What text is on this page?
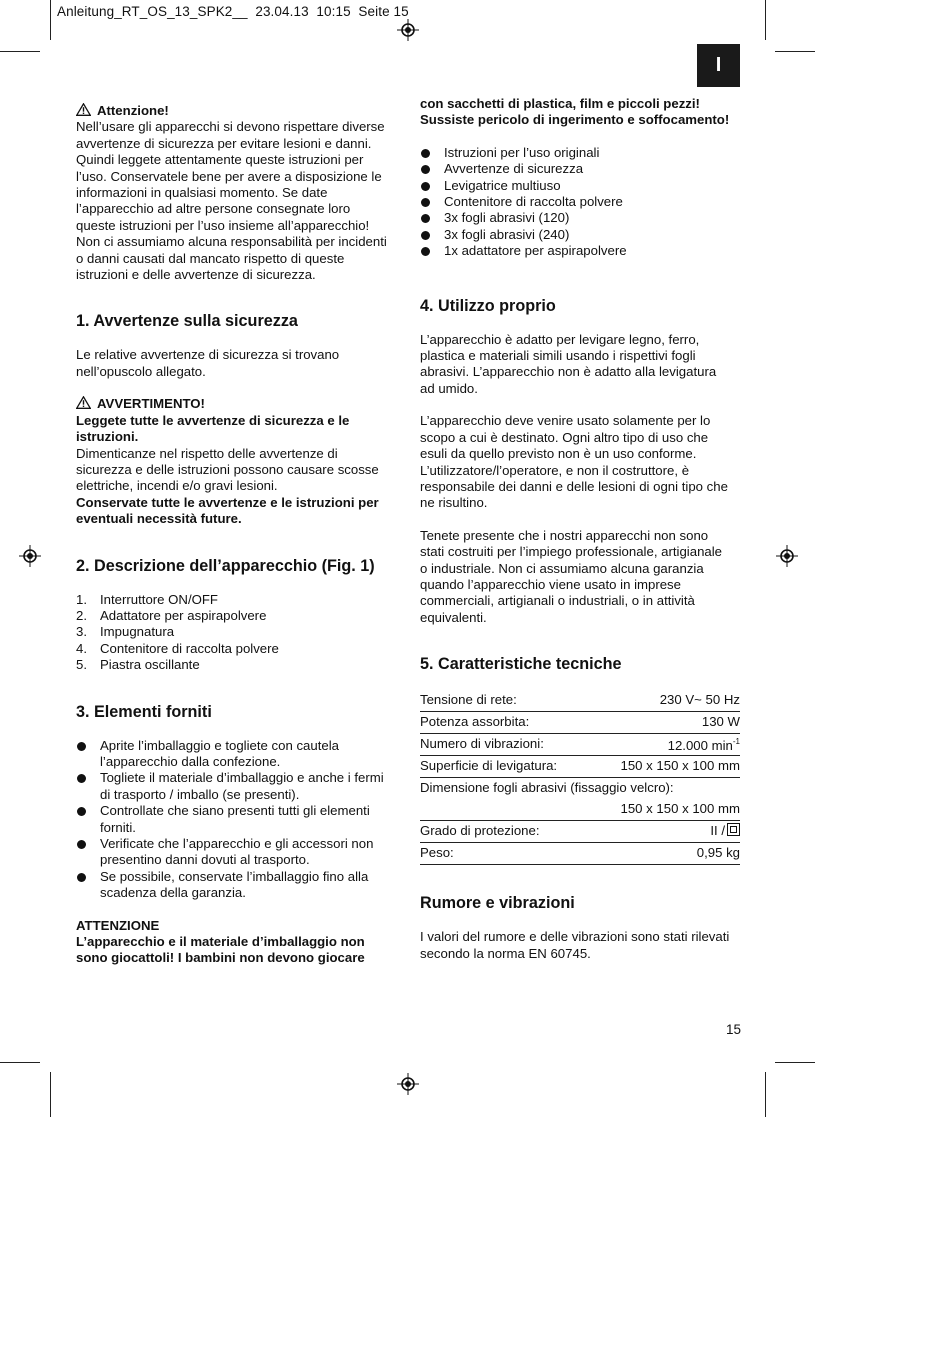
Anleitung_RT_OS_13_SPK2__ 23.04.13 10:15 Seite 15
I

Attenzione!

Nell’usare gli apparecchi si devono rispettare diverse

avvertenze di sicurezza per evitare lesioni e danni.

Quindi leggete attentamente queste istruzioni per

l’uso. Conservatele bene per avere a disposizione le

informazioni in qualsiasi momento. Se date

l’apparecchio ad altre persone consegnate loro

queste istruzioni per l’uso insieme all’apparecchio!

Non ci assumiamo alcuna responsabilità per incidenti

o danni causati dal mancato rispetto di queste

istruzioni e delle avvertenze di sicurezza.

1. Avvertenze sulla sicurezza

Le relative avvertenze di sicurezza si trovano

nell’opuscolo allegato.

AVVERTIMENTO!

Leggete tutte le avvertenze di sicurezza e le

istruzioni.

Dimenticanze nel rispetto delle avvertenze di

sicurezza e delle istruzioni possono causare scosse

elettriche, incendi e/o gravi lesioni.

Conservate tutte le avvertenze e le istruzioni per

eventuali necessità future.

2. Descrizione dell’apparecchio (Fig. 1)

1. Interruttore ON/OFF
2. Adattatore per aspirapolvere
3. Impugnatura
4. Contenitore di raccolta polvere
5. Piastra oscillante

3. Elementi forniti

Aprite l’imballaggio e togliete con cautela
l’apparecchio dalla confezione.
Togliete il materiale d’imballaggio e anche i fermi
di trasporto / imballo (se presenti).
Controllate che siano presenti tutti gli elementi
forniti.
Verificate che l’apparecchio e gli accessori non
presentino danni dovuti al trasporto.
Se possibile, conservate l’imballaggio fino alla
scadenza della garanzia.

ATTENZIONE

L’apparecchio e il materiale d’imballaggio non

sono giocattoli! I bambini non devono giocare

con sacchetti di plastica, film e piccoli pezzi!

Sussiste pericolo di ingerimento e soffocamento!

Istruzioni per l’uso originali
Avvertenze di sicurezza
Levigatrice multiuso
Contenitore di raccolta polvere
3x fogli abrasivi (120)
3x fogli abrasivi (240)
1x adattatore per aspirapolvere

4. Utilizzo proprio

L’apparecchio è adatto per levigare legno, ferro,

plastica e materiali simili usando i rispettivi fogli

abrasivi. L’apparecchio non è adatto alla levigatura

ad umido.

L’apparecchio deve venire usato solamente per lo

scopo a cui è destinato. Ogni altro tipo di uso che

esuli da quello previsto non è un uso conforme.

L’utilizzatore/l’operatore, e non il costruttore, è

responsabile dei danni e delle lesioni di ogni tipo che

ne risultino.

Tenete presente che i nostri apparecchi non sono

stati costruiti per l’impiego professionale, artigianale

o industriale. Non ci assumiamo alcuna garanzia

quando l’apparecchio viene usato in imprese

commerciali, artigianali o industriali, o in attività

equivalenti.

5. Caratteristiche tecniche

Tensione di rete:	230 V~ 50 Hz
Potenza assorbita:	130 W
Numero di vibrazioni:	12.000 $\min^{-1}$
Superficie di levigatura:	150 x 150 x 100 mm
Dimensione fogli abrasivi (fissaggio velcro):	
	150 x 150 x 100 mm
Grado di protezione:	II /
Peso:	0,95 kg

Rumore e vibrazioni

I valori del rumore e delle vibrazioni sono stati rilevati

secondo la norma EN 60745.

15
